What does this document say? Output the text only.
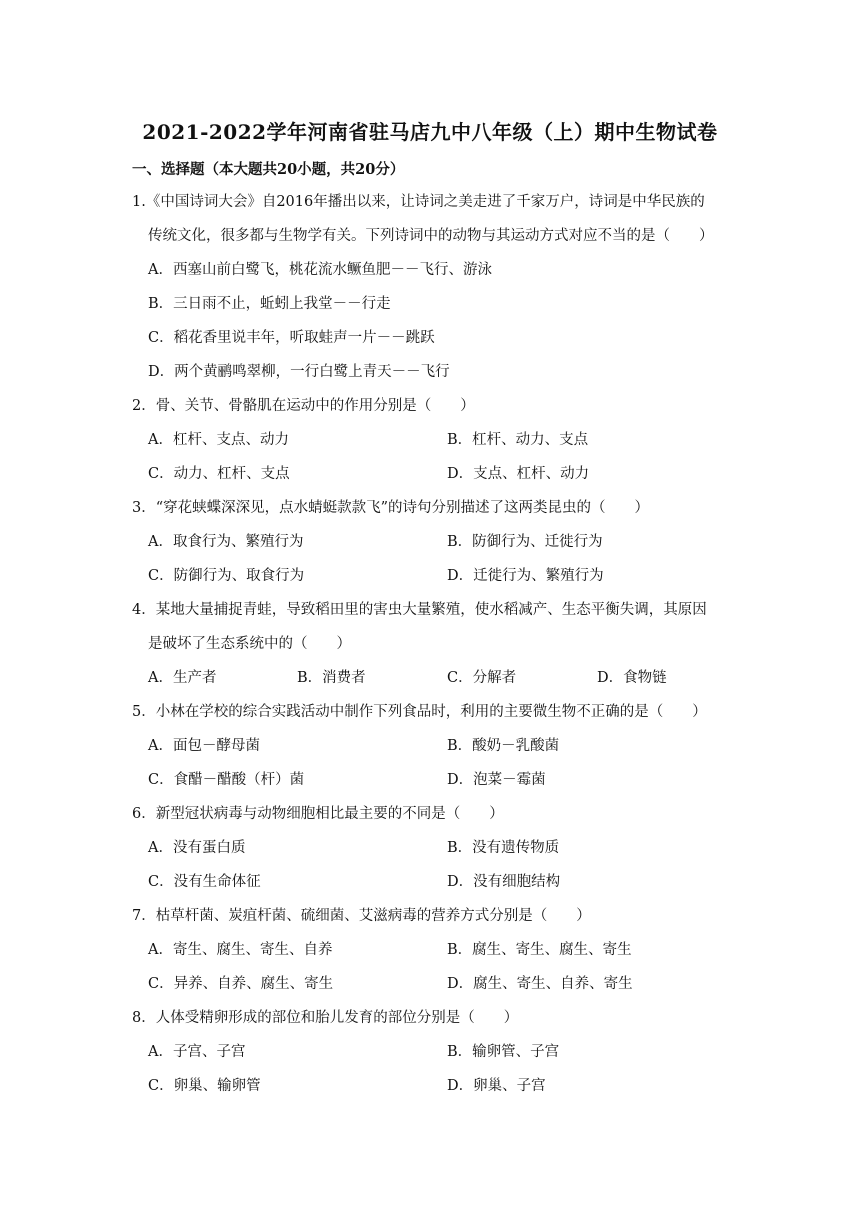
2021-2022学年河南省驻马店九中八年级（上）期中生物试卷
一、选择题（本大题共20小题，共20分）
1.《中国诗词大会》自2016年播出以来，让诗词之美走进了千家万户，诗词是中华民族的
传统文化，很多都与生物学有关。下列诗词中的动物与其运动方式对应不当的是（　　）
A．西塞山前白鹭飞，桃花流水鳜鱼肥－－飞行、游泳
B．三日雨不止，蚯蚓上我堂－－行走
C．稻花香里说丰年，听取蛙声一片－－跳跃
D．两个黄鹂鸣翠柳，一行白鹭上青天－－飞行
2．骨、关节、骨骼肌在运动中的作用分别是（　　）
A．杠杆、支点、动力	B．杠杆、动力、支点
C．动力、杠杆、支点	D．支点、杠杆、动力
3．“穿花蛱蝶深深见，点水蜻蜓款款飞”的诗句分别描述了这两类昆虫的（　　）
A．取食行为、繁殖行为	B．防御行为、迁徙行为
C．防御行为、取食行为	D．迁徙行为、繁殖行为
4．某地大量捕捉青蛙，导致稻田里的害虫大量繁殖，使水稻减产、生态平衡失调，其原因
是破坏了生态系统中的（　　）
A．生产者	B．消费者	C．分解者	D．食物链
5．小林在学校的综合实践活动中制作下列食品时，利用的主要微生物不正确的是（　　）
A．面包－酵母菌	B．酸奶－乳酸菌
C．食醋－醋酸（杆）菌	D．泡菜－霉菌
6．新型冠状病毒与动物细胞相比最主要的不同是（　　）
A．没有蛋白质	B．没有遗传物质
C．没有生命体征	D．没有细胞结构
7．枯草杆菌、炭疽杆菌、硫细菌、艾滋病毒的营养方式分别是（　　）
A．寄生、腐生、寄生、自养	B．腐生、寄生、腐生、寄生
C．异养、自养、腐生、寄生	D．腐生、寄生、自养、寄生
8．人体受精卵形成的部位和胎儿发育的部位分别是（　　）
A．子宫、子宫	B．输卵管、子宫
C．卵巢、输卵管	D．卵巢、子宫
